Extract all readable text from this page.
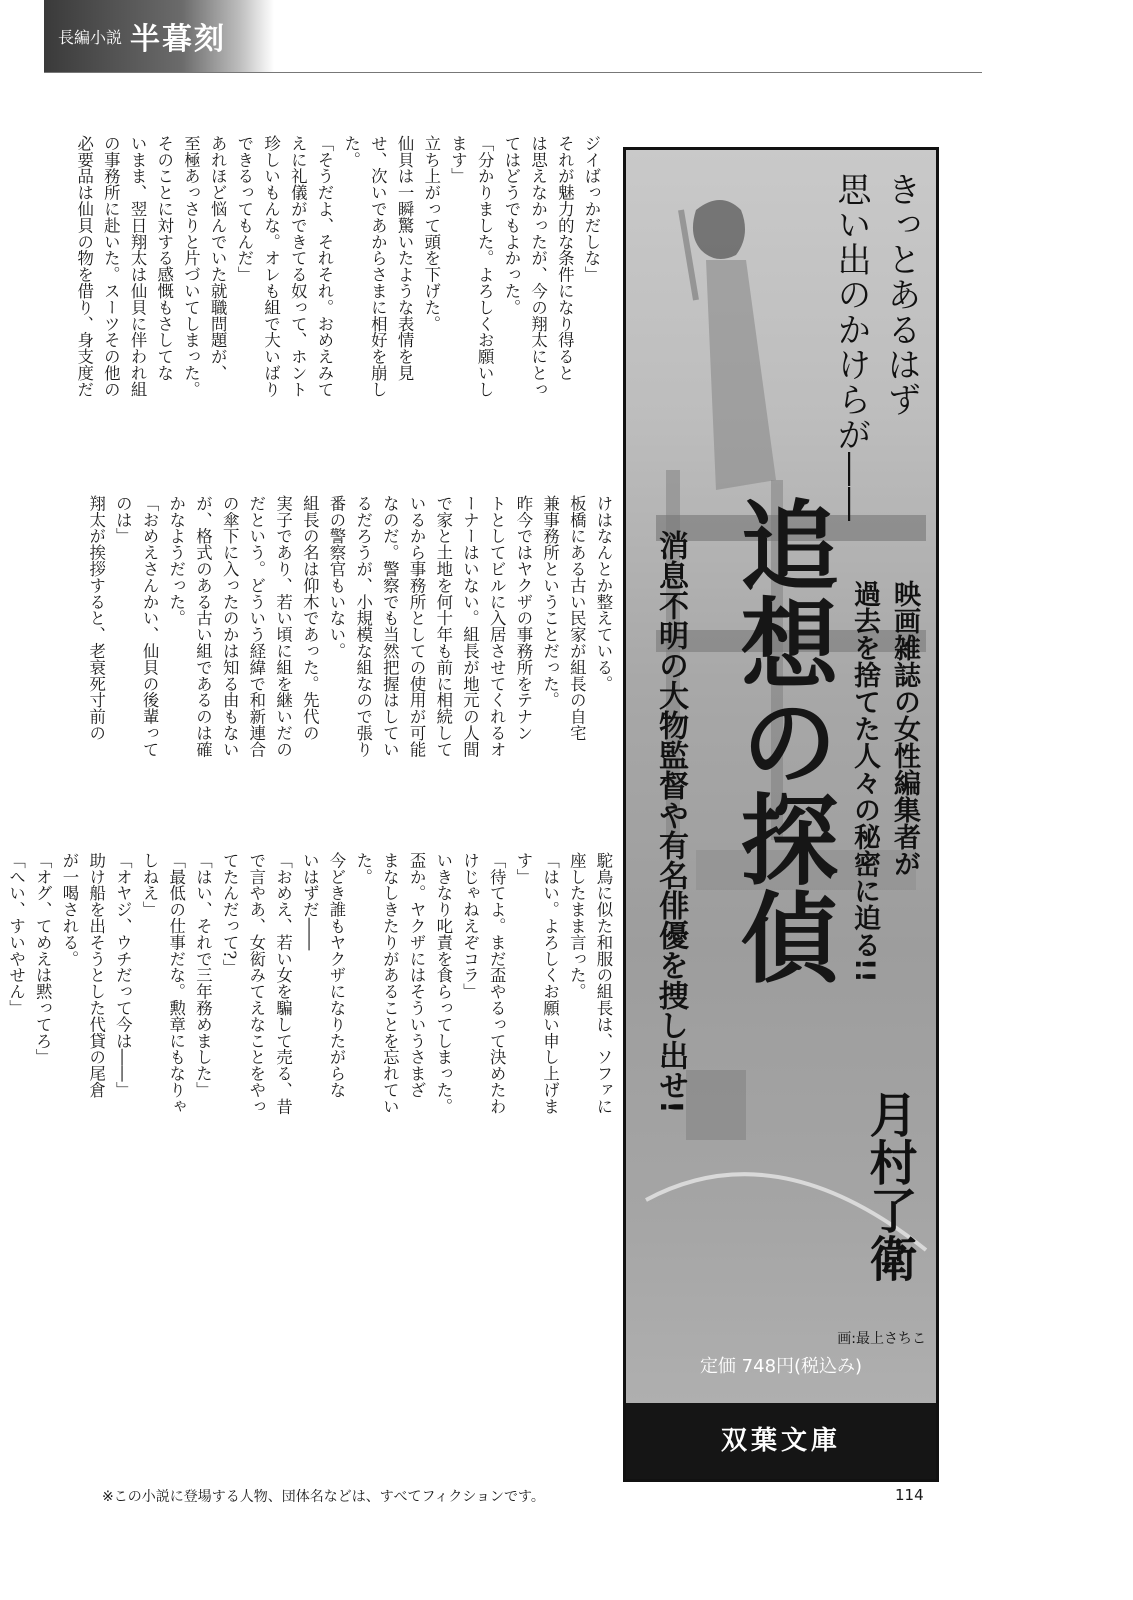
長編小説 半暮刻
ジイばっかだしな」
それが魅力的な条件になり得ると
は思えなかったが、今の翔太にとっ
てはどうでもよかった。
「分かりました。よろしくお願いし
ます」
立ち上がって頭を下げた。
仙貝は一瞬驚いたような表情を見
せ、次いであからさまに相好を崩し
た。
「そうだよ、それそれ。おめえみて
えに礼儀ができてる奴って、ホント
珍しいもんな。オレも組で大いばり
できるってもんだ」
あれほど悩んでいた就職問題が、
至極あっさりと片づいてしまった。
そのことに対する感慨もさしてな
いまま、翌日翔太は仙貝に伴われ組
の事務所に赴いた。スーツその他の
必要品は仙貝の物を借り、身支度だ
けはなんとか整えている。
板橋にある古い民家が組長の自宅
兼事務所ということだった。
昨今ではヤクザの事務所をテナン
トとしてビルに入居させてくれるオ
ーナーはいない。組長が地元の人間
で家と土地を何十年も前に相続して
いるから事務所としての使用が可能
なのだ。警察でも当然把握はしてい
るだろうが、小規模な組なので張り
番の警察官もいない。
組長の名は仰木であった。先代の
実子であり、若い頃に組を継いだの
だという。どういう経緯で和新連合
の傘下に入ったのかは知る由もない
が、格式のある古い組であるのは確
かなようだった。
「おめえさんかい、仙貝の後輩って
のは」
翔太が挨拶すると、老衰死寸前の
駝鳥に似た和服の組長は、ソファに
座したまま言った。
「はい。よろしくお願い申し上げま
す」
「待てよ。まだ盃やるって決めたわ
けじゃねえぞコラ」
いきなり叱責を食らってしまった。
盃か。ヤクザにはそういうさまざ
まなしきたりがあることを忘れてい
た。
今どき誰もヤクザになりたがらな
いはずだ――
「おめえ、若い女を騙して売る、昔
で言やあ、女衒みてえなことをやっ
てたんだって?」
「はい、それで三年務めました」
「最低の仕事だな。勲章にもなりゃ
しねえ」
「オヤジ、ウチだって今は――」
助け船を出そうとした代貸の尾倉
が一喝される。
「オグ、てめえは黙ってろ」
「へい、すいやせん」
きっとあるはず
思い出のかけらが――
映画雑誌の女性編集者が
過去を捨てた人々の秘密に迫る!!
追想の探偵
消息不明の大物監督や有名俳優を捜し出せ!
月村了衛
画:最上さちこ
定価 748円(税込み)
双葉文庫
※この小説に登場する人物、団体名などは、すべてフィクションです。	114
